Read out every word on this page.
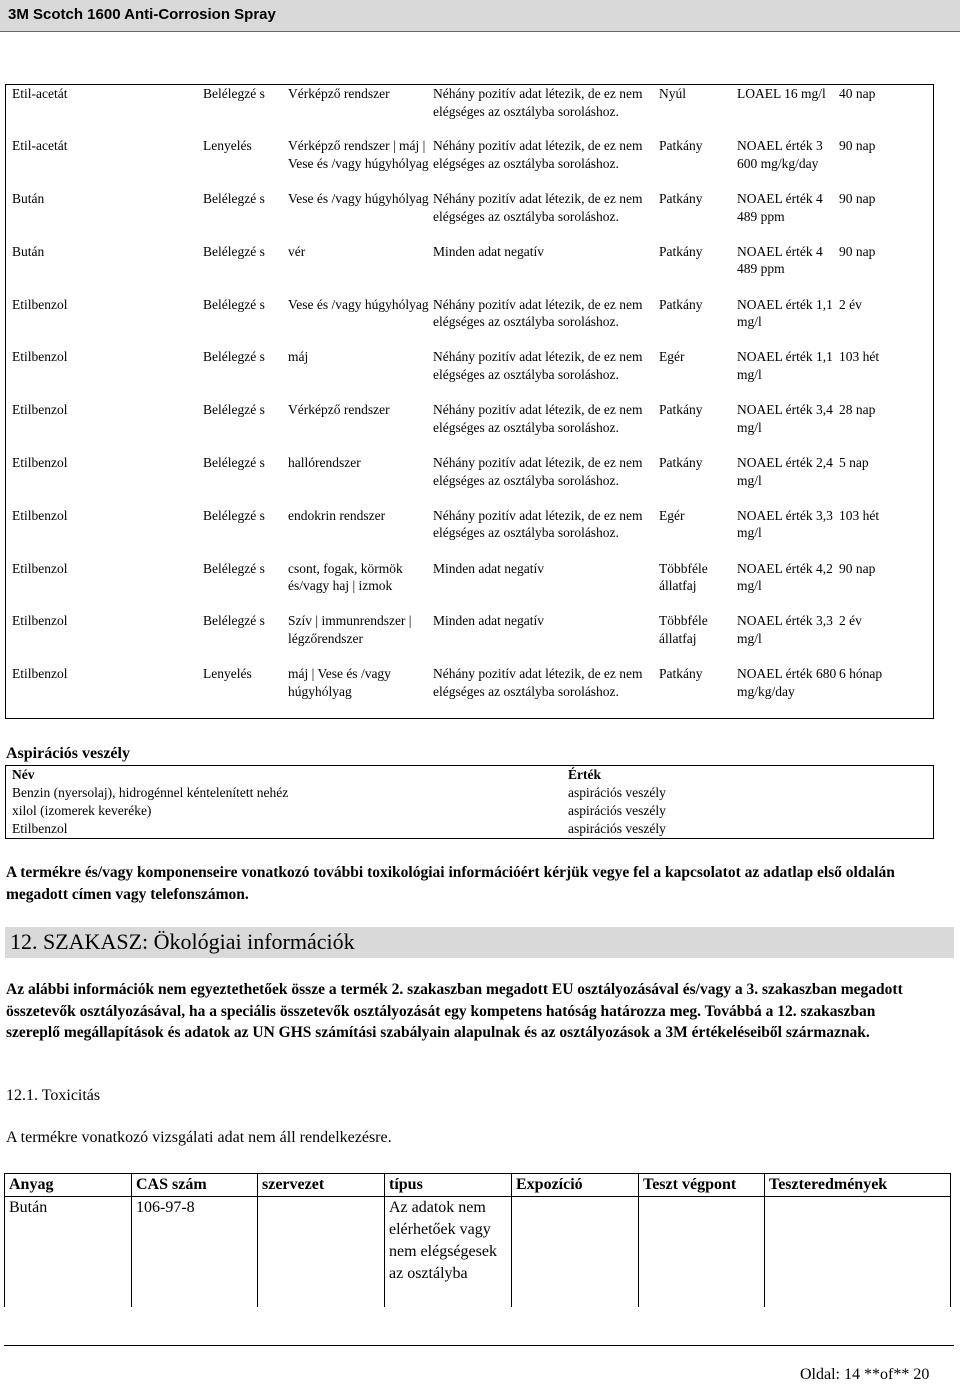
3M Scotch 1600 Anti-Corrosion Spray
Etil-acetát	Belélegzé s	Vérképző rendszer	Néhány pozitív adat létezik, de ez nem elégséges az osztályba soroláshoz.	Nyúl	LOAEL 16 mg/l	40 nap
Etil-acetát	Lenyelés	Vérképző rendszer | máj | Vese és /vagy húgyhólyag	Néhány pozitív adat létezik, de ez nem elégséges az osztályba soroláshoz.	Patkány	NOAEL érték 3 600 mg/kg/day	90 nap
Bután	Belélegzé s	Vese és /vagy húgyhólyag	Néhány pozitív adat létezik, de ez nem elégséges az osztályba soroláshoz.	Patkány	NOAEL érték 4 489 ppm	90 nap
Bután	Belélegzé s	vér	Minden adat negatív	Patkány	NOAEL érték 4 489 ppm	90 nap
Etilbenzol	Belélegzé s	Vese és /vagy húgyhólyag	Néhány pozitív adat létezik, de ez nem elégséges az osztályba soroláshoz.	Patkány	NOAEL érték 1,1 mg/l	2 év
Etilbenzol	Belélegzé s	máj	Néhány pozitív adat létezik, de ez nem elégséges az osztályba soroláshoz.	Egér	NOAEL érték 1,1 mg/l	103 hét
Etilbenzol	Belélegzé s	Vérképző rendszer	Néhány pozitív adat létezik, de ez nem elégséges az osztályba soroláshoz.	Patkány	NOAEL érték 3,4 mg/l	28 nap
Etilbenzol	Belélegzé s	hallórendszer	Néhány pozitív adat létezik, de ez nem elégséges az osztályba soroláshoz.	Patkány	NOAEL érték 2,4 mg/l	5 nap
Etilbenzol	Belélegzé s	endokrin rendszer	Néhány pozitív adat létezik, de ez nem elégséges az osztályba soroláshoz.	Egér	NOAEL érték 3,3 mg/l	103 hét
Etilbenzol	Belélegzé s	csont, fogak, körmök és/vagy haj | izmok	Minden adat negatív	Többféle állatfaj	NOAEL érték 4,2 mg/l	90 nap
Etilbenzol	Belélegzé s	Szív | immunrendszer | légzőrendszer	Minden adat negatív	Többféle állatfaj	NOAEL érték 3,3 mg/l	2 év
Etilbenzol	Lenyelés	máj | Vese és /vagy húgyhólyag	Néhány pozitív adat létezik, de ez nem elégséges az osztályba soroláshoz.	Patkány	NOAEL érték 680 mg/kg/day	6 hónap
Aspirációs veszély
Név	Érték
Benzin (nyersolaj), hidrogénnel kéntelenített nehéz	aspirációs veszély
xilol (izomerek keveréke)	aspirációs veszély
Etilbenzol	aspirációs veszély
A termékre és/vagy komponenseire vonatkozó további toxikológiai információért kérjük vegye fel a kapcsolatot az adatlap első oldalán megadott címen vagy telefonszámon.
12. SZAKASZ: Ökológiai információk
Az alábbi információk nem egyeztethetőek össze a termék 2. szakaszban megadott EU osztályozásával és/vagy a 3. szakaszban megadott összetevők osztályozásával, ha a speciális összetevők osztályozását egy kompetens hatóság határozza meg. Továbbá a 12. szakaszban szereplő megállapítások és adatok az UN GHS számítási szabályain alapulnak és az osztályozások a 3M értékeléseiből származnak.
12.1. Toxicitás
A termékre vonatkozó vizsgálati adat nem áll rendelkezésre.
Anyag	CAS szám	szervezet	típus	Expozíció	Teszt végpont	Teszteredmények
Bután	106-97-8		Az adatok nem elérhetőek vagy nem elégségesek az osztályba			
Oldal: 14 **of** 20
